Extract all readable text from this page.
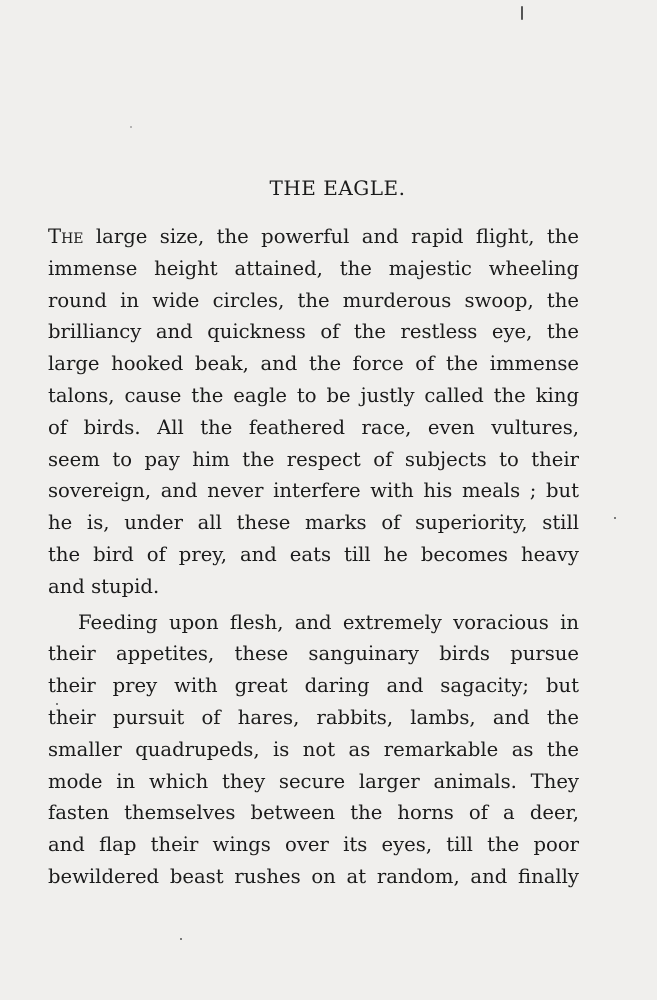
THE EAGLE.
The large size, the powerful and rapid flight, the
immense height attained, the majestic wheeling
round in wide circles, the murderous swoop, the
brilliancy and quickness of the restless eye, the
large hooked beak, and the force of the immense
talons, cause the eagle to be justly called the king
of birds. All the feathered race, even vultures,
seem to pay him the respect of subjects to their
sovereign, and never interfere with his meals ; but
he is, under all these marks of superiority, still
the bird of prey, and eats till he becomes heavy
and stupid.
Feeding upon flesh, and extremely voracious in
their appetites, these sanguinary birds pursue
their prey with great daring and sagacity; but
their pursuit of hares, rabbits, lambs, and the
smaller quadrupeds, is not as remarkable as the
mode in which they secure larger animals. They
fasten themselves between the horns of a deer,
and flap their wings over its eyes, till the poor
bewildered beast rushes on at random, and finally
